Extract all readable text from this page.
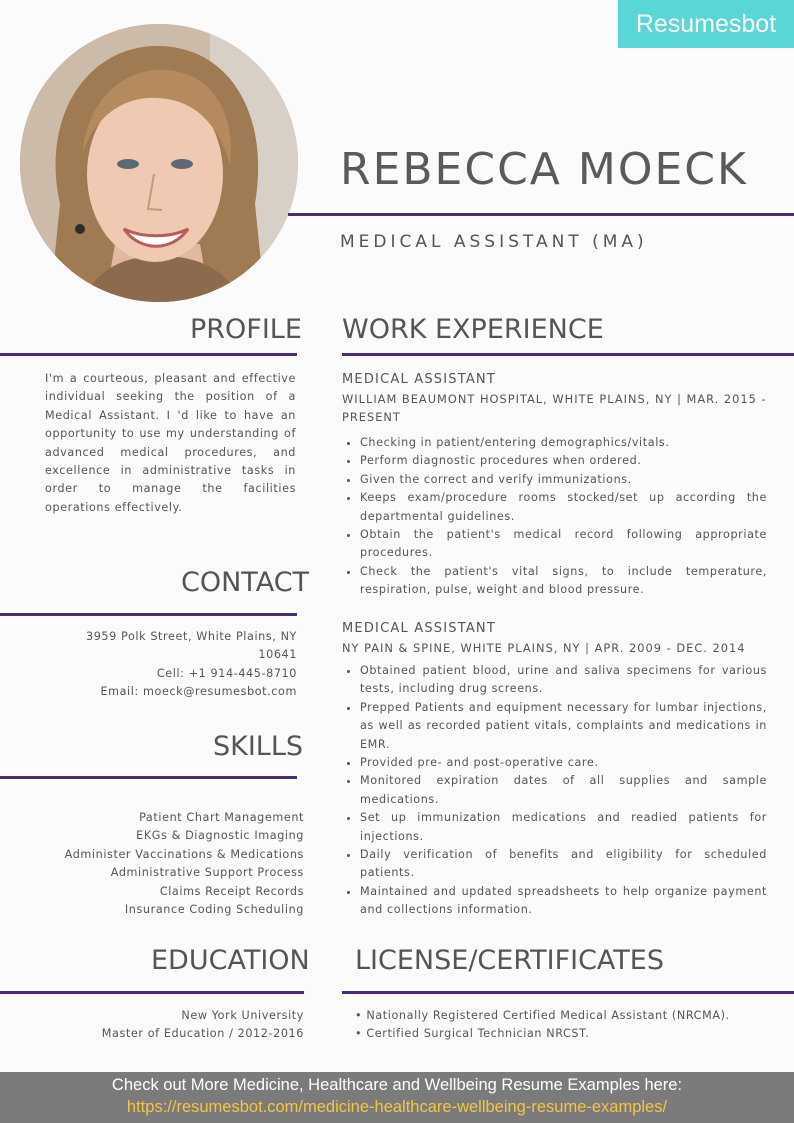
Resumesbot
REBECCA MOECK
MEDICAL ASSISTANT (MA)
PROFILE
I'm a courteous, pleasant and effective individual seeking the position of a Medical Assistant. I 'd like to have an opportunity to use my understanding of advanced medical procedures, and excellence in administrative tasks in order to manage the facilities operations effectively.
CONTACT
3959 Polk Street, White Plains, NY
10641
Cell: +1 914-445-8710
Email: moeck@resumesbot.com
SKILLS
Patient Chart Management
EKGs & Diagnostic Imaging
Administer Vaccinations & Medications
Administrative Support Process
Claims Receipt Records
Insurance Coding Scheduling
EDUCATION
New York University
Master of Education / 2012-2016
WORK EXPERIENCE
MEDICAL ASSISTANT
WILLIAM BEAUMONT HOSPITAL, WHITE PLAINS, NY | MAR. 2015 - PRESENT
• Checking in patient/entering demographics/vitals.
• Perform diagnostic procedures when ordered.
• Given the correct and verify immunizations.
• Keeps exam/procedure rooms stocked/set up according the departmental guidelines.
• Obtain the patient's medical record following appropriate procedures.
• Check the patient's vital signs, to include temperature, respiration, pulse, weight and blood pressure.
MEDICAL ASSISTANT
NY PAIN & SPINE, WHITE PLAINS, NY | APR. 2009 - DEC. 2014
• Obtained patient blood, urine and saliva specimens for various tests, including drug screens.
• Prepped Patients and equipment necessary for lumbar injections, as well as recorded patient vitals, complaints and medications in EMR.
• Provided pre- and post-operative care.
• Monitored expiration dates of all supplies and sample medications.
• Set up immunization medications and readied patients for injections.
• Daily verification of benefits and eligibility for scheduled patients.
• Maintained and updated spreadsheets to help organize payment and collections information.
LICENSE/CERTIFICATES
• Nationally Registered Certified Medical Assistant (NRCMA).
• Certified Surgical Technician NRCST.
Check out More Medicine, Healthcare and Wellbeing Resume Examples here:
https://resumesbot.com/medicine-healthcare-wellbeing-resume-examples/
